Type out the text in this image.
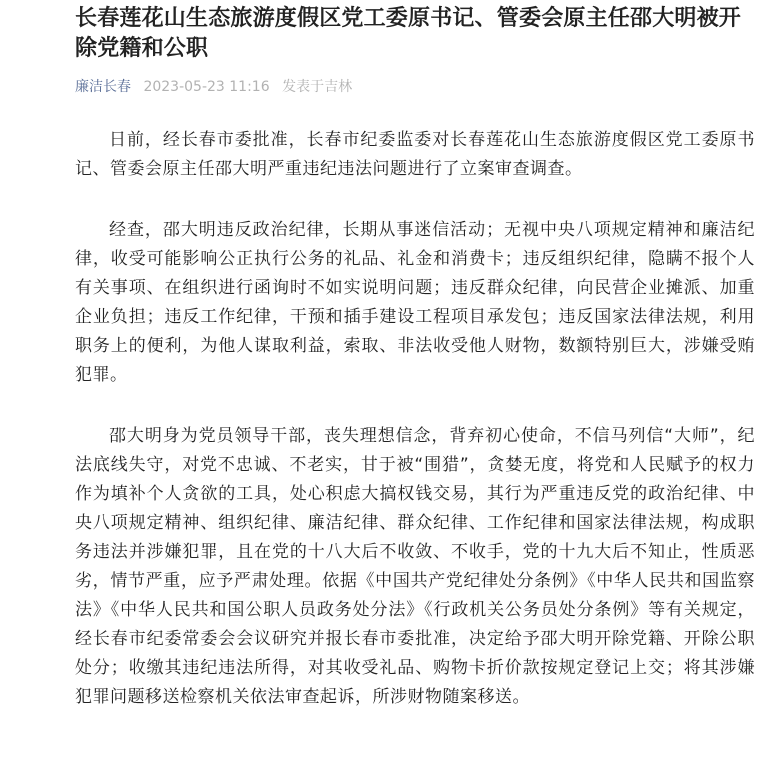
长春莲花山生态旅游度假区党工委原书记、管委会原主任邵大明被开除党籍和公职
廉洁长春 2023-05-23 11:16 发表于吉林

日前，经长春市委批准，长春市纪委监委对长春莲花山生态旅游度假区党工委原书记、管委会原主任邵大明严重违纪违法问题进行了立案审查调查。

经查，邵大明违反政治纪律，长期从事迷信活动；无视中央八项规定精神和廉洁纪律，收受可能影响公正执行公务的礼品、礼金和消费卡；违反组织纪律，隐瞒不报个人有关事项、在组织进行函询时不如实说明问题；违反群众纪律，向民营企业摊派、加重企业负担；违反工作纪律，干预和插手建设工程项目承发包；违反国家法律法规，利用职务上的便利，为他人谋取利益，索取、非法收受他人财物，数额特别巨大，涉嫌受贿犯罪。

邵大明身为党员领导干部，丧失理想信念，背弃初心使命，不信马列信“大师”，纪法底线失守，对党不忠诚、不老实，甘于被“围猎”，贪婪无度，将党和人民赋予的权力作为填补个人贪欲的工具，处心积虑大搞权钱交易，其行为严重违反党的政治纪律、中央八项规定精神、组织纪律、廉洁纪律、群众纪律、工作纪律和国家法律法规，构成职务违法并涉嫌犯罪，且在党的十八大后不收敛、不收手，党的十九大后不知止，性质恶劣，情节严重，应予严肃处理。依据《中国共产党纪律处分条例》《中华人民共和国监察法》《中华人民共和国公职人员政务处分法》《行政机关公务员处分条例》等有关规定，经长春市纪委常委会会议研究并报长春市委批准，决定给予邵大明开除党籍、开除公职处分；收缴其违纪违法所得，对其收受礼品、购物卡折价款按规定登记上交；将其涉嫌犯罪问题移送检察机关依法审查起诉，所涉财物随案移送。
